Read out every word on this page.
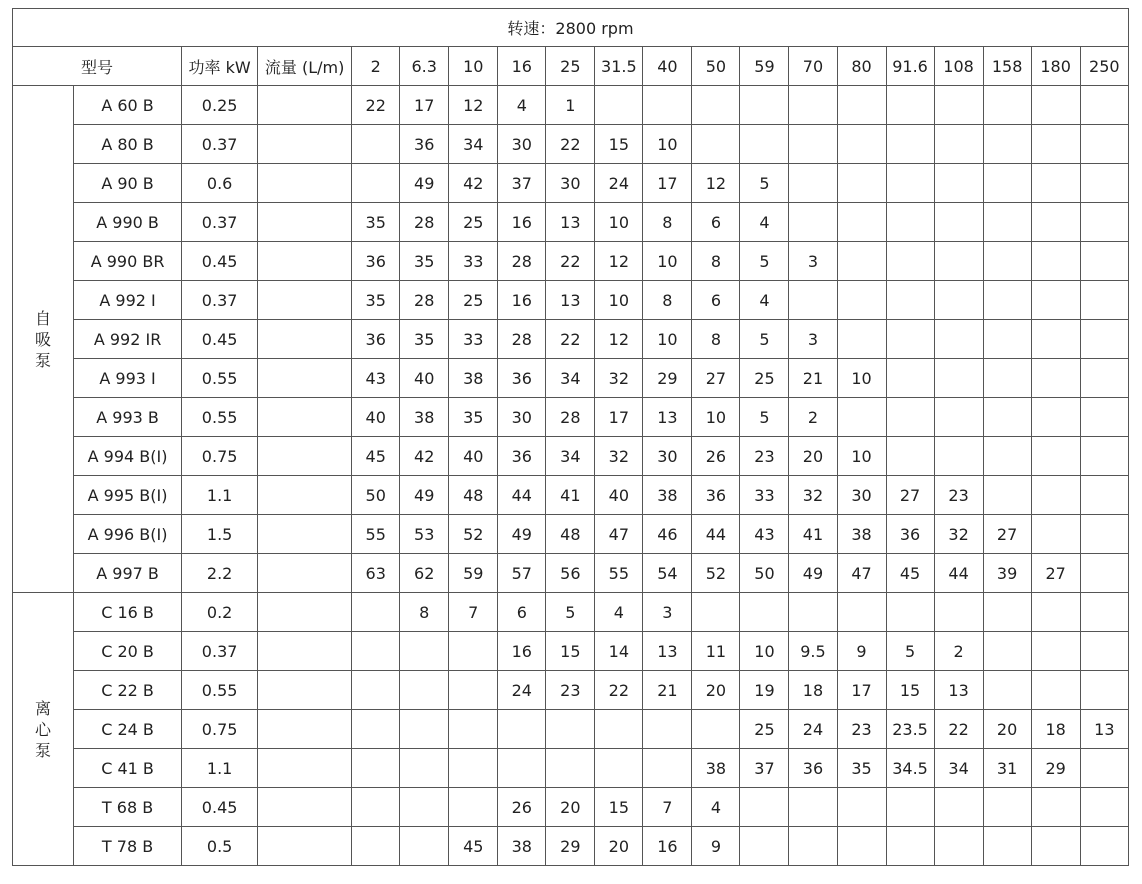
转速：2800 rpm																			
型号		功率 kW	流量 (L/m)	2	6.3	10	16	25	31.5	40	50	59	70	80	91.6	108	158	180	250

自
吸
泵	A 60 B	0.25		22	17	12	4	1											
	A 80 B	0.37			36	34	30	22	15	10									
	A 90 B	0.6			49	42	37	30	24	17	12	5							
	A 990 B	0.37		35	28	25	16	13	10	8	6	4							
	A 990 BR	0.45		36	35	33	28	22	12	10	8	5	3						
	A 992 I	0.37		35	28	25	16	13	10	8	6	4							
	A 992 IR	0.45		36	35	33	28	22	12	10	8	5	3						
	A 993 I	0.55		43	40	38	36	34	32	29	27	25	21	10					
	A 993 B	0.55		40	38	35	30	28	17	13	10	5	2						
	A 994 B(I)	0.75		45	42	40	36	34	32	30	26	23	20	10					
	A 995 B(I)	1.1		50	49	48	44	41	40	38	36	33	32	30	27	23			
	A 996 B(I)	1.5		55	53	52	49	48	47	46	44	43	41	38	36	32	27		
	A 997 B	2.2		63	62	59	57	56	55	54	52	50	49	47	45	44	39	27	

离
心
泵	C 16 B	0.2			8	7	6	5	4	3									
	C 20 B	0.37					16	15	14	13	11	10	9.5	9	5	2			
	C 22 B	0.55					24	23	22	21	20	19	18	17	15	13			
	C 24 B	0.75										25	24	23	23.5	22	20	18	13
	C 41 B	1.1									38	37	36	35	34.5	34	31	29	
	T 68 B	0.45					26	20	15	7	4								
	T 78 B	0.5				45	38	29	20	16	9								
